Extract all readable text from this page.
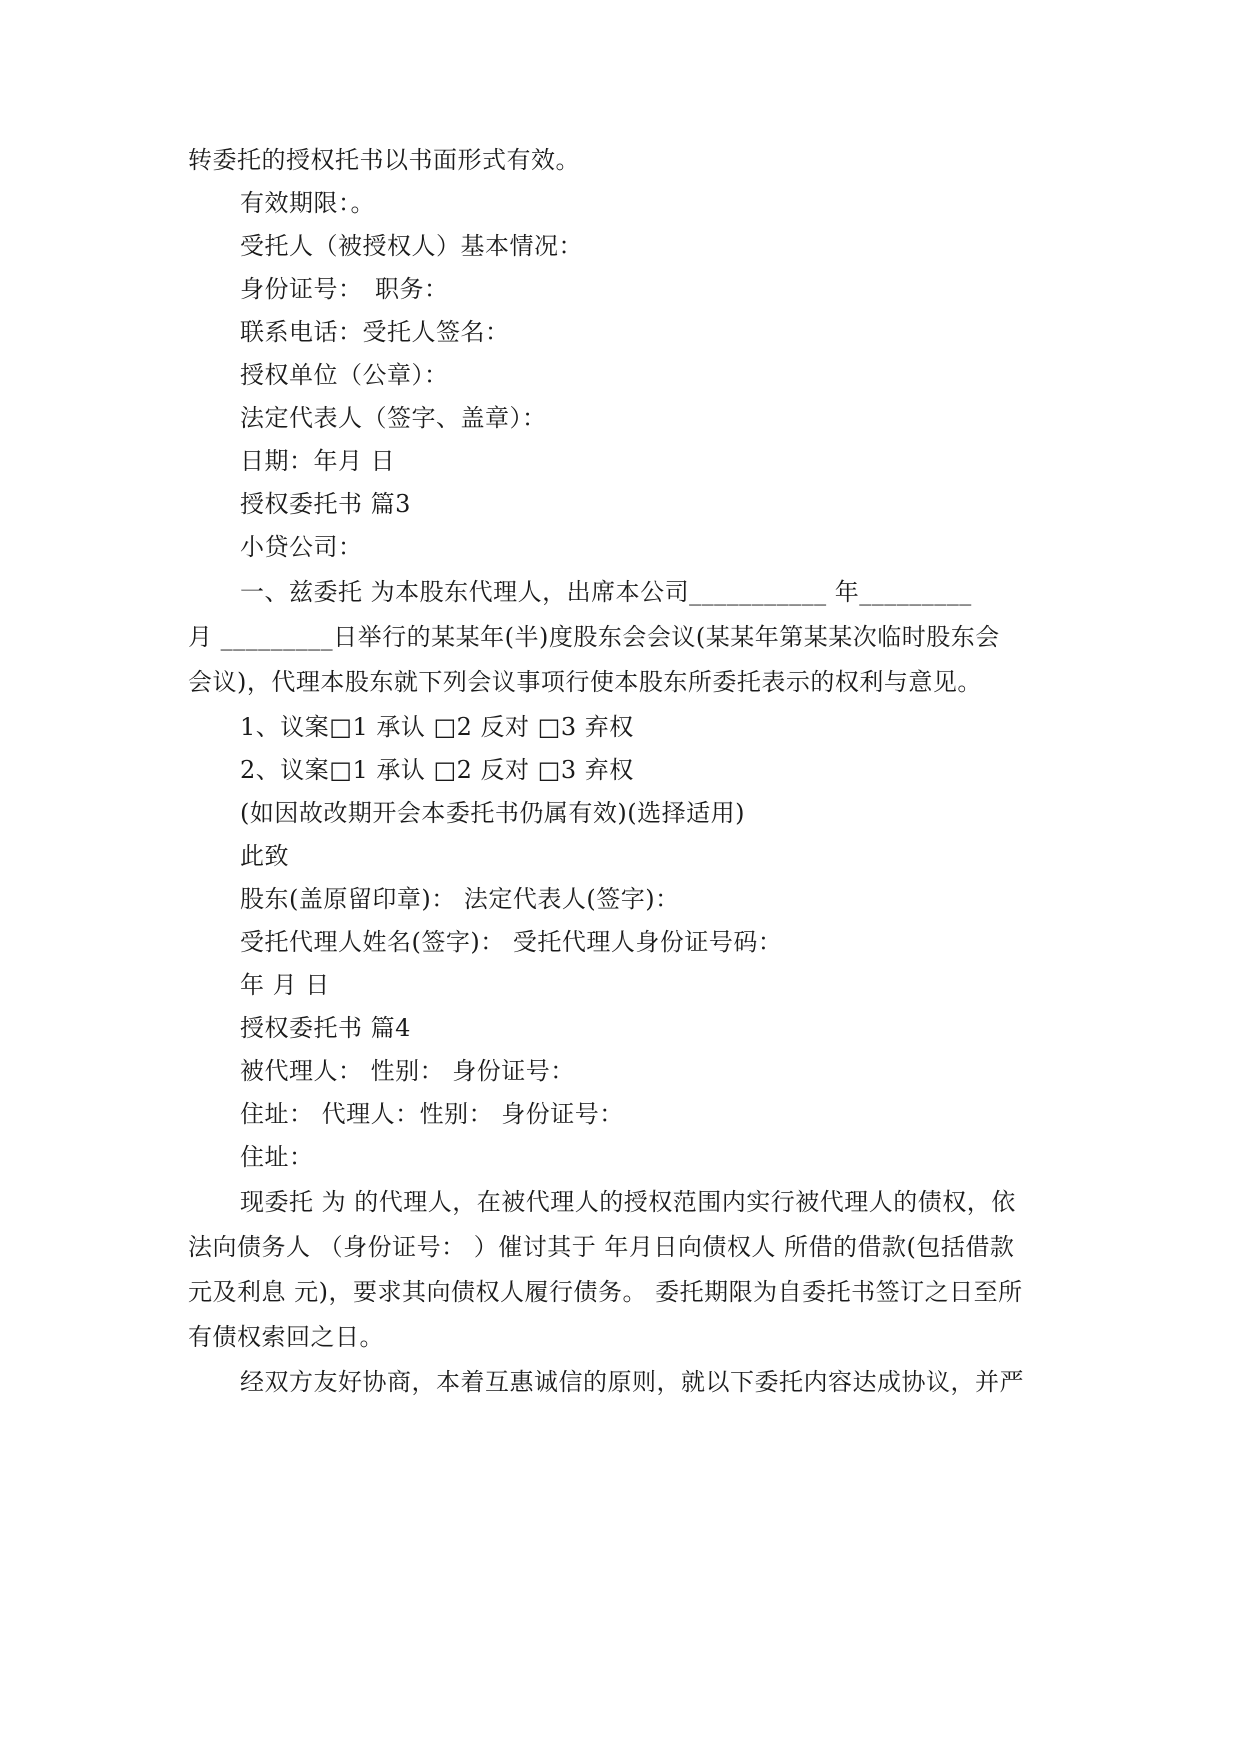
转委托的授权托书以书面形式有效。
有效期限：。
受托人（被授权人）基本情况：
身份证号：　职务：
联系电话：受托人签名：
授权单位（公章）：
法定代表人（签字、盖章）：
日期：年月 日
授权委托书 篇3
小贷公司：
一、兹委托 为本股东代理人，出席本公司___________ 年_________
月 _________日举行的某某年(半)度股东会会议(某某年第某某次临时股东会
会议)，代理本股东就下列会议事项行使本股东所委托表示的权利与意见。
1、议案□1 承认 □2 反对 □3 弃权
2、议案□1 承认 □2 反对 □3 弃权
(如因故改期开会本委托书仍属有效)(选择适用)
此致
股东(盖原留印章)： 法定代表人(签字)：
受托代理人姓名(签字)： 受托代理人身份证号码：
年 月 日
授权委托书 篇4
被代理人： 性别： 身份证号：
住址： 代理人：性别： 身份证号：
住址：
现委托 为 的代理人，在被代理人的授权范围内实行被代理人的债权，依
法向债务人 （身份证号： ）催讨其于 年月日向债权人 所借的借款(包括借款
元及利息 元)，要求其向债权人履行债务。 委托期限为自委托书签订之日至所
有债权索回之日。
经双方友好协商，本着互惠诚信的原则，就以下委托内容达成协议，并严
